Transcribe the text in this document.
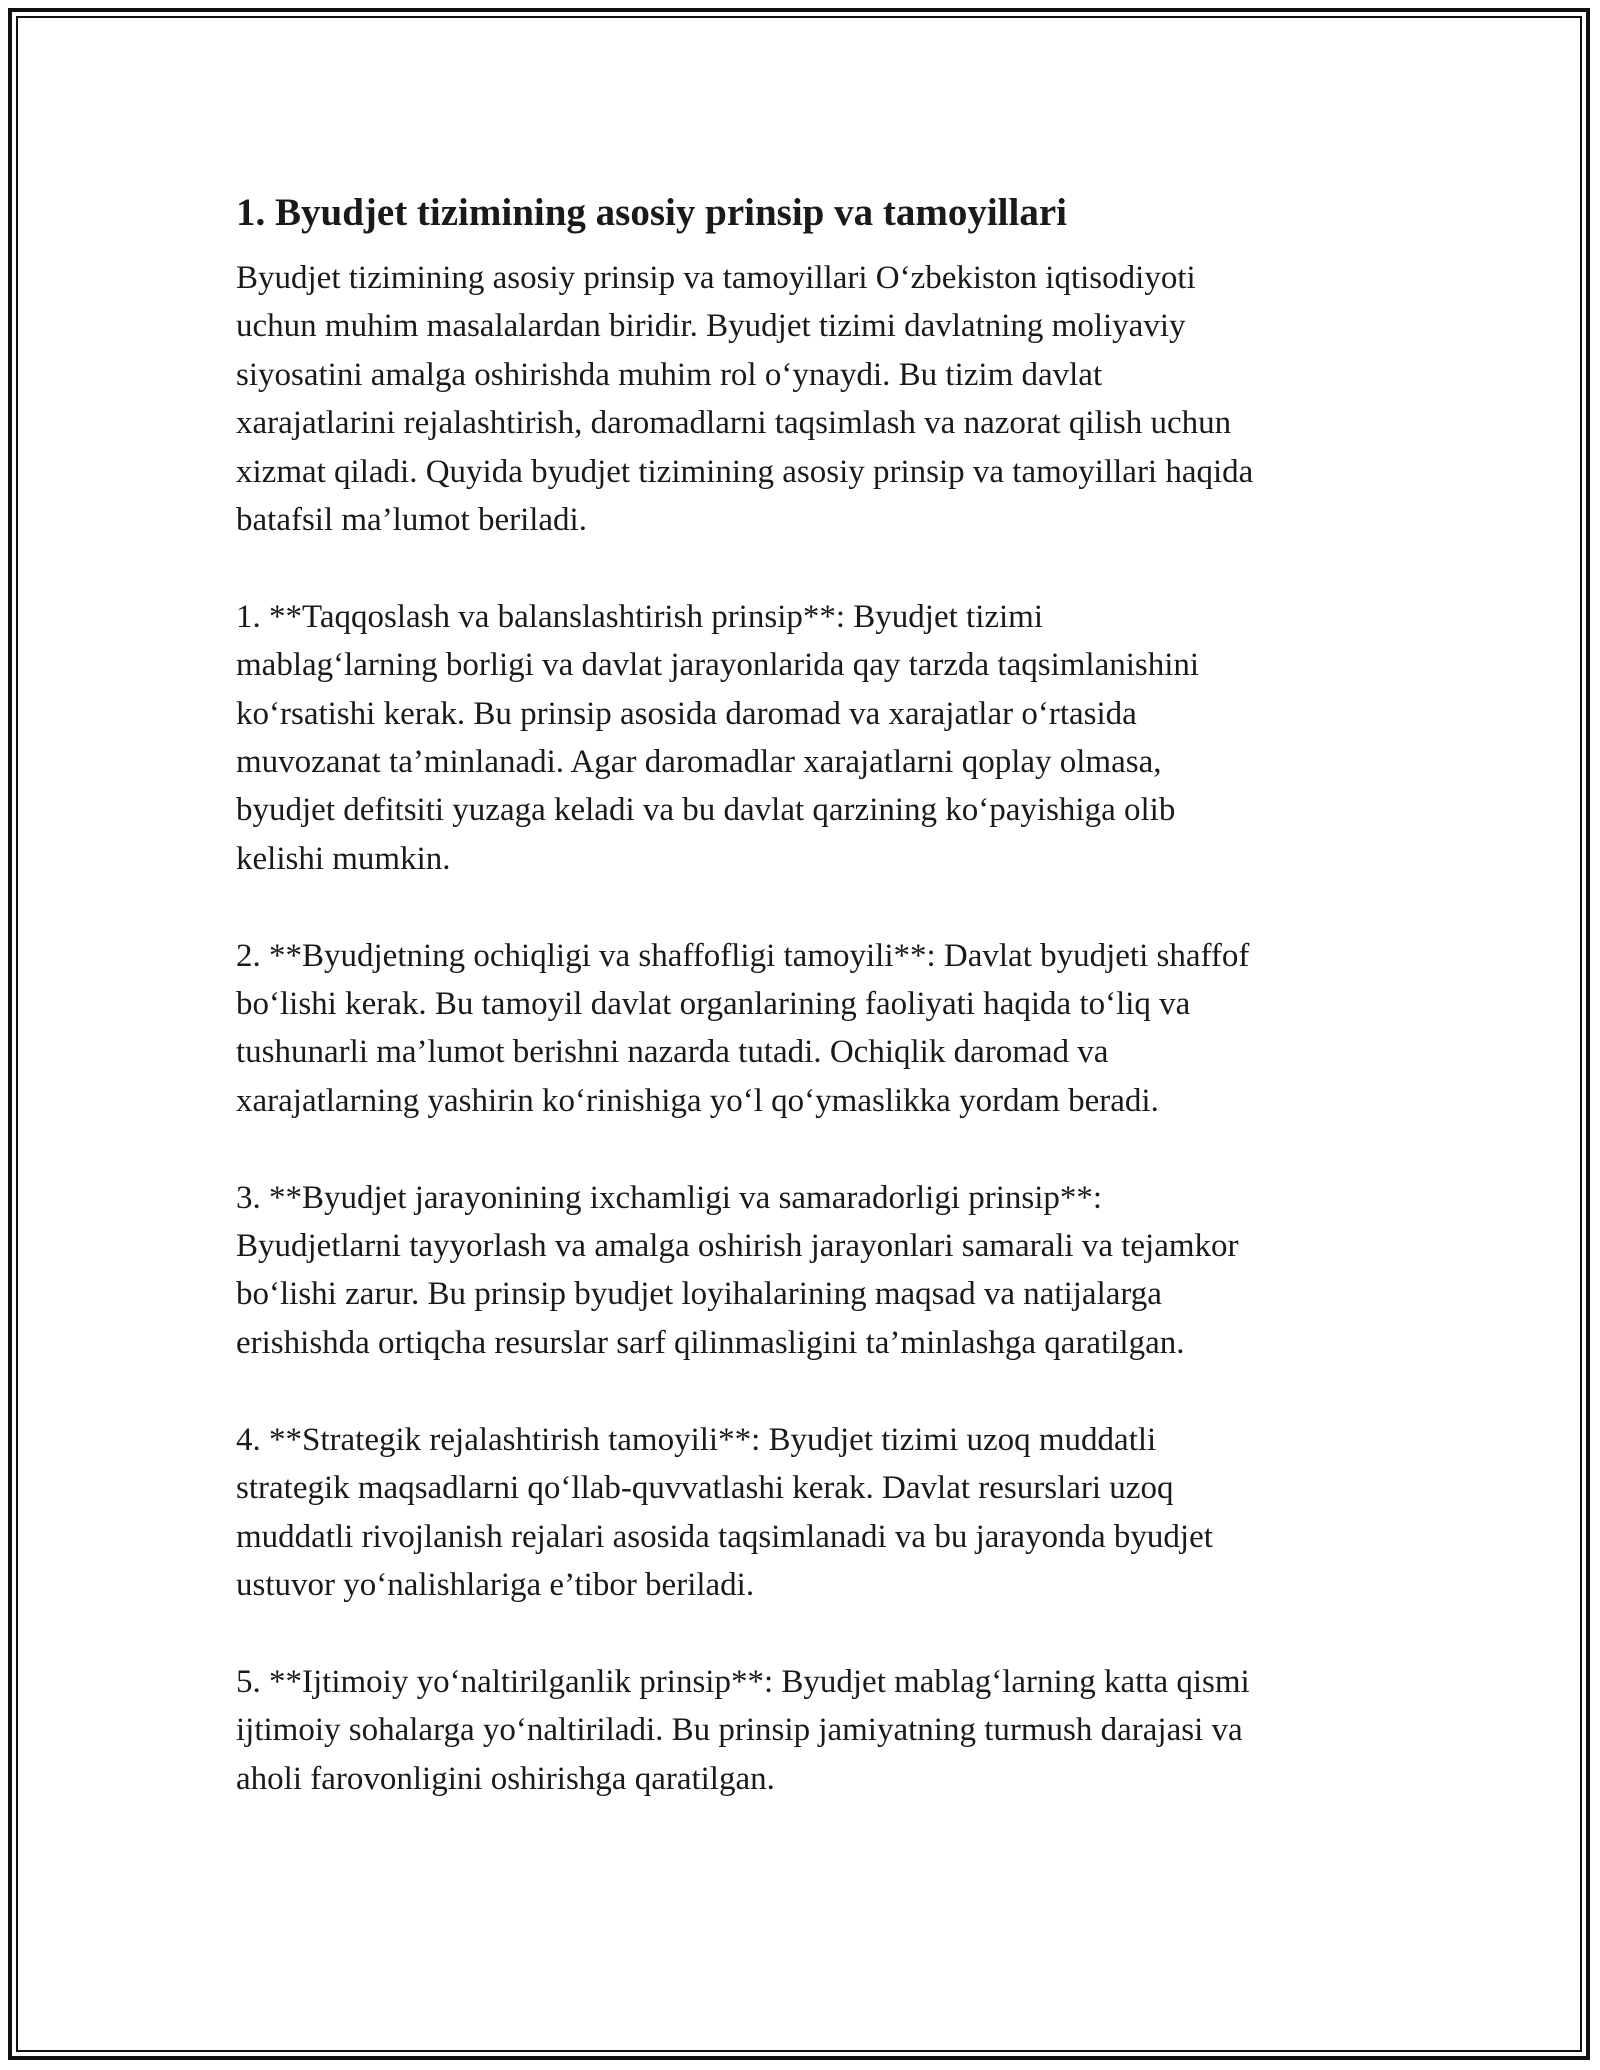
1. Byudjet tizimining asosiy prinsip va tamoyillari
Byudjet tizimining asosiy prinsip va tamoyillari O‘zbekiston iqtisodiyoti
uchun muhim masalalardan biridir. Byudjet tizimi davlatning moliyaviy
siyosatini amalga oshirishda muhim rol o‘ynaydi. Bu tizim davlat
xarajatlarini rejalashtirish, daromadlarni taqsimlash va nazorat qilish uchun
xizmat qiladi. Quyida byudjet tizimining asosiy prinsip va tamoyillari haqida
batafsil ma’lumot beriladi.
1. **Taqqoslash va balanslashtirish prinsip**: Byudjet tizimi
mablag‘larning borligi va davlat jarayonlarida qay tarzda taqsimlanishini
ko‘rsatishi kerak. Bu prinsip asosida daromad va xarajatlar o‘rtasida
muvozanat ta’minlanadi. Agar daromadlar xarajatlarni qoplay olmasa,
byudjet defitsiti yuzaga keladi va bu davlat qarzining ko‘payishiga olib
kelishi mumkin.
2. **Byudjetning ochiqligi va shaffofligi tamoyili**: Davlat byudjeti shaffof
bo‘lishi kerak. Bu tamoyil davlat organlarining faoliyati haqida to‘liq va
tushunarli ma’lumot berishni nazarda tutadi. Ochiqlik daromad va
xarajatlarning yashirin ko‘rinishiga yo‘l qo‘ymaslikka yordam beradi.
3. **Byudjet jarayonining ixchamligi va samaradorligi prinsip**:
Byudjetlarni tayyorlash va amalga oshirish jarayonlari samarali va tejamkor
bo‘lishi zarur. Bu prinsip byudjet loyihalarining maqsad va natijalarga
erishishda ortiqcha resurslar sarf qilinmasligini ta’minlashga qaratilgan.
4. **Strategik rejalashtirish tamoyili**: Byudjet tizimi uzoq muddatli
strategik maqsadlarni qo‘llab-quvvatlashi kerak. Davlat resurslari uzoq
muddatli rivojlanish rejalari asosida taqsimlanadi va bu jarayonda byudjet
ustuvor yo‘nalishlariga e’tibor beriladi.
5. **Ijtimoiy yo‘naltirilganlik prinsip**: Byudjet mablag‘larning katta qismi
ijtimoiy sohalarga yo‘naltiriladi. Bu prinsip jamiyatning turmush darajasi va
aholi farovonligini oshirishga qaratilgan.
